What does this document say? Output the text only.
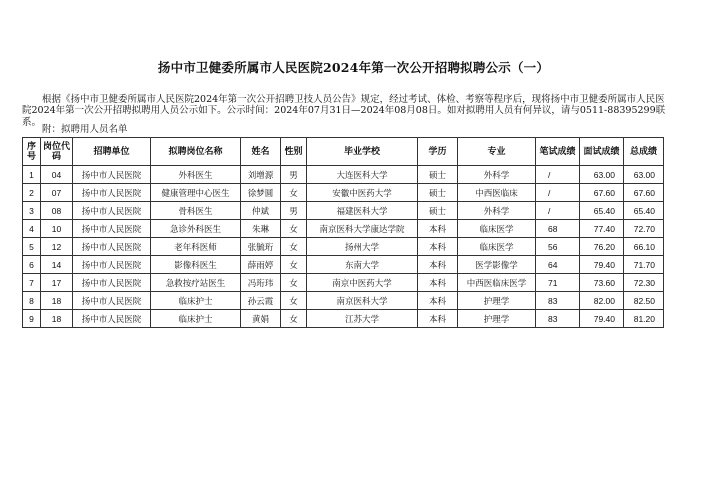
扬中市卫健委所属市人民医院2024年第一次公开招聘拟聘公示（一）

根据《扬中市卫健委所属市人民医院2024年第一次公开招聘卫技人员公告》规定，经过考试、体检、考察等程序后，现将扬中市卫健委所属市人民医院2024年第一次公开招聘拟聘用人员公示如下。公示时间：2024年07月31日—2024年08月08日。如对拟聘用人员有何异议，请与0511-88395299联系。

附：拟聘用人员名单
序号	岗位代码	招聘单位	拟聘岗位名称	姓名	性别	毕业学校	学历	专业	笔试成绩	面试成绩	总成绩
1	04	扬中市人民医院	外科医生	刘增源	男	大连医科大学	硕士	外科学	/	63.00	63.00
2	07	扬中市人民医院	健康管理中心医生	徐梦圆	女	安徽中医药大学	硕士	中西医临床	/	67.60	67.60
3	08	扬中市人民医院	骨科医生	仲斌	男	福建医科大学	硕士	外科学	/	65.40	65.40
4	10	扬中市人民医院	急诊外科医生	朱琳	女	南京医科大学康达学院	本科	临床医学	68	77.40	72.70
5	12	扬中市人民医院	老年科医师	张毓珩	女	扬州大学	本科	临床医学	56	76.20	66.10
6	14	扬中市人民医院	影像科医生	薛雨婷	女	东南大学	本科	医学影像学	64	79.40	71.70
7	17	扬中市人民医院	急救按疗站医生	冯珩玮	女	南京中医药大学	本科	中西医临床医学	71	73.60	72.30
8	18	扬中市人民医院	临床护士	孙云霞	女	南京医科大学	本科	护理学	83	82.00	82.50
9	18	扬中市人民医院	临床护士	黄娟	女	江苏大学	本科	护理学	83	79.40	81.20
